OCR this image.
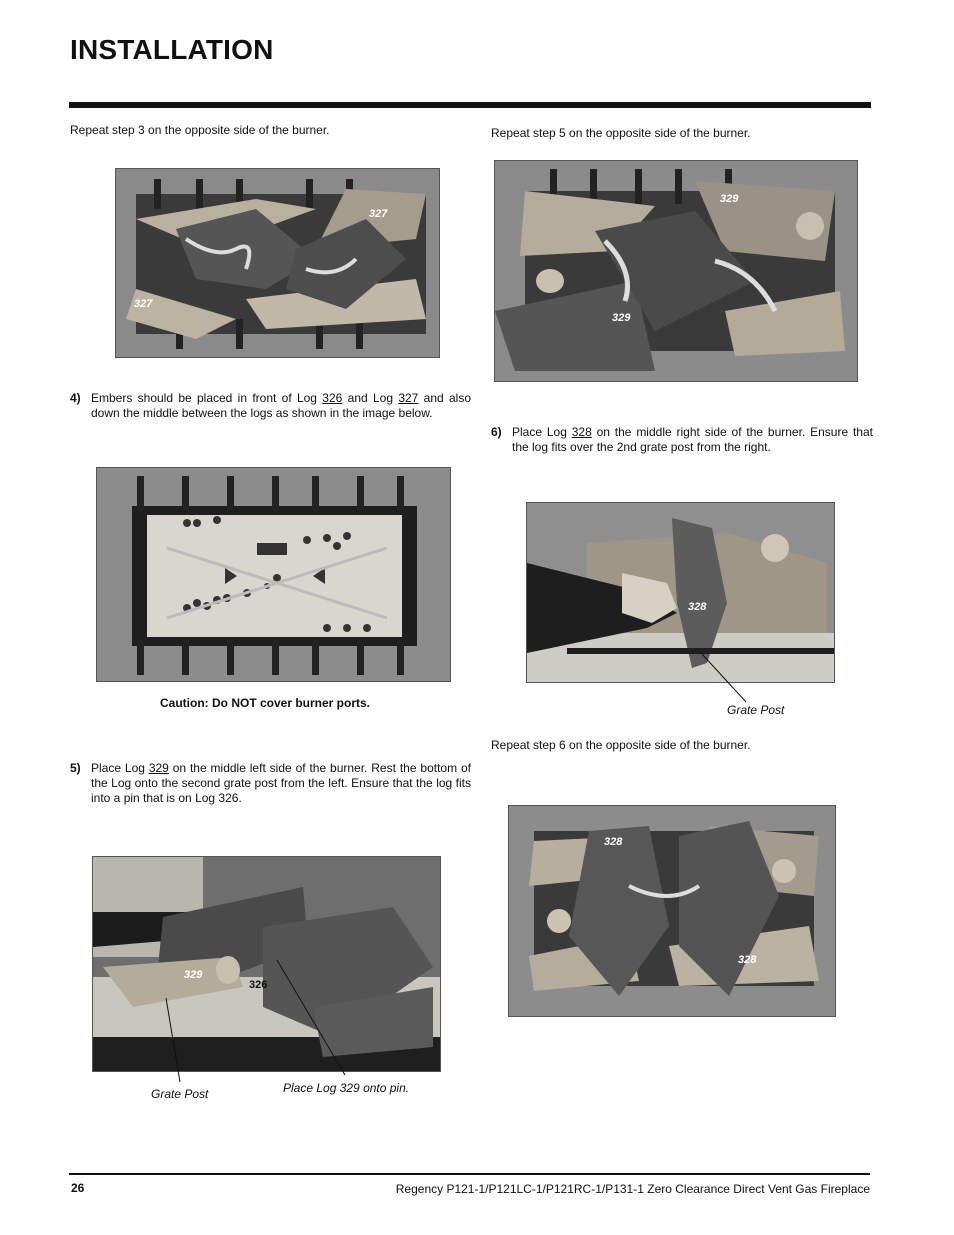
INSTALLATION
Repeat step 3 on the opposite side of the burner.
327
327
4) Embers should be placed in front of Log 326 and Log 327 and also down the middle between the logs as shown in the image below.
Caution: Do NOT cover burner ports.
5) Place Log 329 on the middle left side of the burner. Rest the bottom of the Log onto the second grate post from the left. Ensure that the log fits into a pin that is on Log 326.
329
326
Grate Post	Place Log 329 onto pin.
Repeat step 5 on the opposite side of the burner.
329
329
6) Place Log 328 on the middle right side of the burner. Ensure that the log fits over the 2nd grate post from the right.
328
Grate Post
Repeat step 6 on the opposite side of the burner.
328
328
26	Regency P121-1/P121LC-1/P121RC-1/P131-1 Zero Clearance Direct Vent Gas Fireplace
